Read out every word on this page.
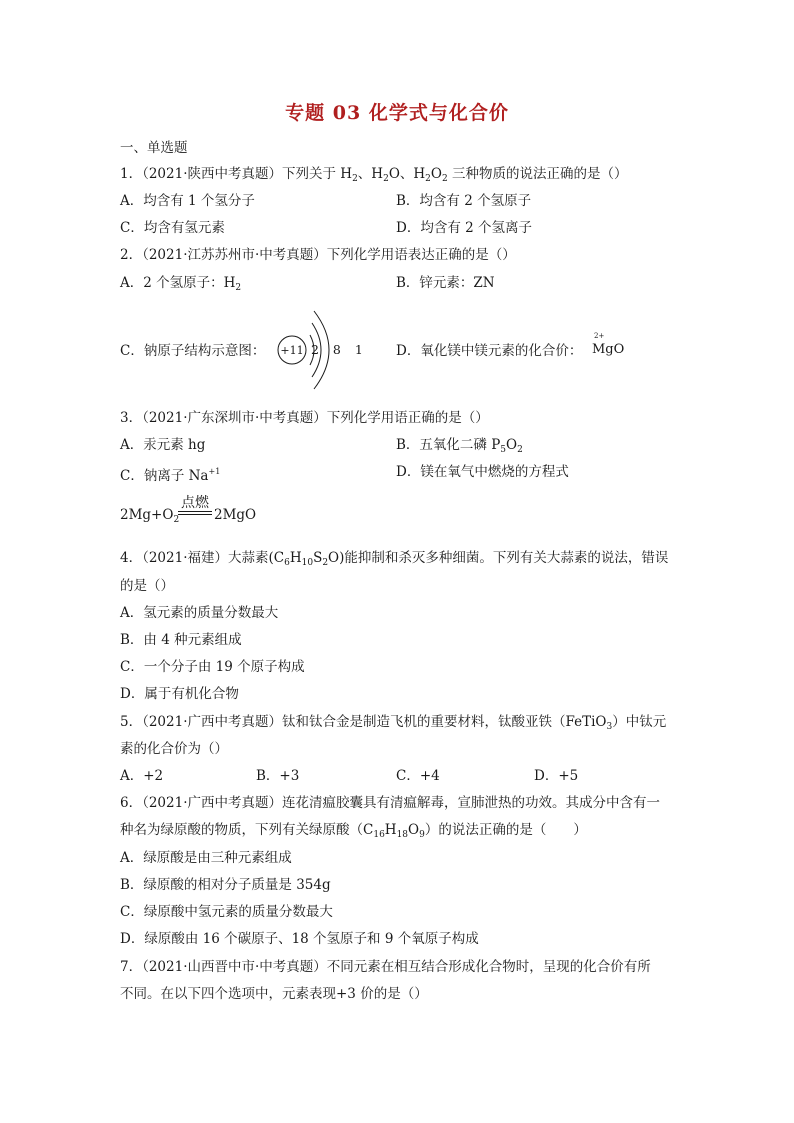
专题 03 化学式与化合价
一、单选题
1．（2021·陕西中考真题）下列关于 $H_2$、$H_2O$、$H_2O_2$ 三种物质的说法正确的是（）
A．均含有 1 个氢分子	B．均含有 2 个氢原子
C．均含有氢元素	D．均含有 2 个氢离子
2．（2021·江苏苏州市·中考真题）下列化学用语表达正确的是（）
A．2 个氢原子：$H_2$	B．锌元素：ZN
C．钠原子结构示意图： +11 2 8 1 D．氧化镁中镁元素的化合价：
2+
MgO
3．（2021·广东深圳市·中考真题）下列化学用语正确的是（）
A．汞元素 hg	B．五氧化二磷 $P_5O_2$
C．钠离子 $Na^{+1}$	D．镁在氧气中燃烧的方程式
$2Mg+O_2$
点燃
2MgO
4．（2021·福建）大蒜素$(C_6H_{10}S_2O)$能抑制和杀灭多种细菌。下列有关大蒜素的说法，错误
的是（）
A．氢元素的质量分数最大
B．由 4 种元素组成
C．一个分子由 19 个原子构成
D．属于有机化合物
5．（2021·广西中考真题）钛和钛合金是制造飞机的重要材料，钛酸亚铁（FeTiO$_3$）中钛元
素的化合价为（）
A．+2	B．+3	C．+4	D．+5
6．（2021·广西中考真题）连花清瘟胶囊具有清瘟解毒，宣肺泄热的功效。其成分中含有一
种名为绿原酸的物质，下列有关绿原酸$(C_{16}H_{18}O_9)$的说法正确的是（　　）
A．绿原酸是由三种元素组成
B．绿原酸的相对分子质量是 354g
C．绿原酸中氢元素的质量分数最大
D．绿原酸由 16 个碳原子、18 个氢原子和 9 个氧原子构成
7．（2021·山西晋中市·中考真题）不同元素在相互结合形成化合物时，呈现的化合价有所
不同。在以下四个选项中，元素表现+3 价的是（）
